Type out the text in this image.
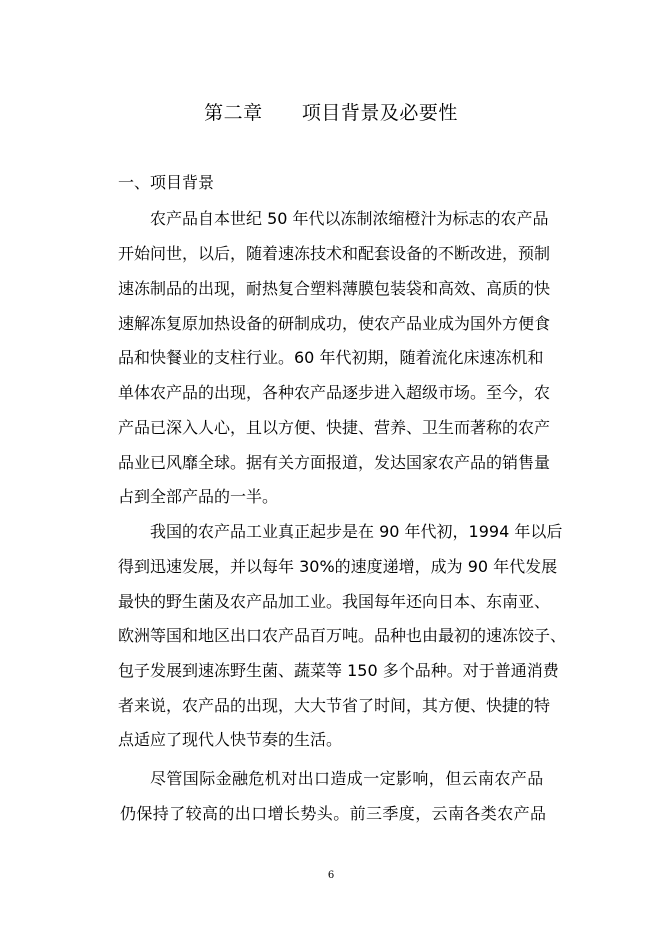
第二章      项目背景及必要性
一、项目背景
农产品自本世纪 50 年代以冻制浓缩橙汁为标志的农产品
开始问世，以后，随着速冻技术和配套设备的不断改进，预制
速冻制品的出现，耐热复合塑料薄膜包装袋和高效、高质的快
速解冻复原加热设备的研制成功，使农产品业成为国外方便食
品和快餐业的支柱行业。60 年代初期，随着流化床速冻机和
单体农产品的出现，各种农产品逐步进入超级市场。至今，农
产品已深入人心，且以方便、快捷、营养、卫生而著称的农产
品业已风靡全球。据有关方面报道，发达国家农产品的销售量
占到全部产品的一半。
我国的农产品工业真正起步是在 90 年代初，1994 年以后
得到迅速发展，并以每年 30%的速度递增，成为 90 年代发展
最快的野生菌及农产品加工业。我国每年还向日本、东南亚、
欧洲等国和地区出口农产品百万吨。品种也由最初的速冻饺子、
包子发展到速冻野生菌、蔬菜等 150 多个品种。对于普通消费
者来说，农产品的出现，大大节省了时间，其方便、快捷的特
点适应了现代人快节奏的生活。
尽管国际金融危机对出口造成一定影响，但云南农产品
仍保持了较高的出口增长势头。前三季度，云南各类农产品
6
